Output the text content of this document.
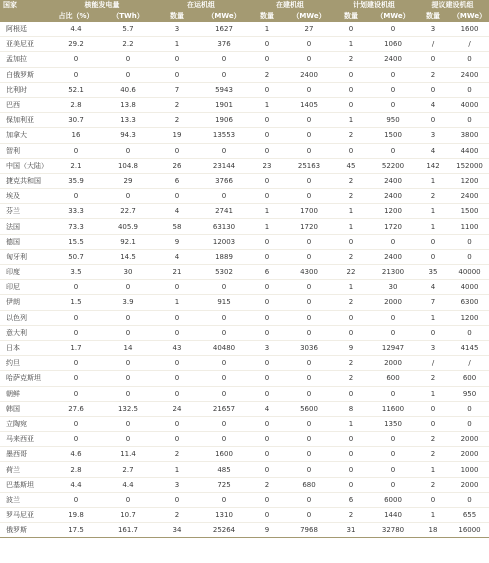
国家	核能发电量		在运机组		在建机组		计划建设机组		提议建设机组	
	占比（%）	（TWh）	数量	（MWe）	数量	（MWe）	数量	（MWe）	数量	（MWe）
阿根廷	4.4	5.7	3	1627	1	27	0	0	3	1600
亚美尼亚	29.2	2.2	1	376	0	0	1	1060	/	/
孟加拉	0	0	0	0	0	0	2	2400	0	0
白俄罗斯	0	0	0	0	2	2400	0	0	2	2400
比利时	52.1	40.6	7	5943	0	0	0	0	0	0
巴西	2.8	13.8	2	1901	1	1405	0	0	4	4000
保加利亚	30.7	13.3	2	1906	0	0	1	950	0	0
加拿大	16	94.3	19	13553	0	0	2	1500	3	3800
智利	0	0	0	0	0	0	0	0	4	4400
中国（大陆）	2.1	104.8	26	23144	23	25163	45	52200	142	152000
捷克共和国	35.9	29	6	3766	0	0	2	2400	1	1200
埃及	0	0	0	0	0	0	2	2400	2	2400
芬兰	33.3	22.7	4	2741	1	1700	1	1200	1	1500
法国	73.3	405.9	58	63130	1	1720	1	1720	1	1100
德国	15.5	92.1	9	12003	0	0	0	0	0	0
匈牙利	50.7	14.5	4	1889	0	0	2	2400	0	0
印度	3.5	30	21	5302	6	4300	22	21300	35	40000
印尼	0	0	0	0	0	0	1	30	4	4000
伊朗	1.5	3.9	1	915	0	0	2	2000	7	6300
以色列	0	0	0	0	0	0	0	0	1	1200
意大利	0	0	0	0	0	0	0	0	0	0
日本	1.7	14	43	40480	3	3036	9	12947	3	4145
约旦	0	0	0	0	0	0	2	2000	/	/
哈萨克斯坦	0	0	0	0	0	0	2	600	2	600
朝鲜	0	0	0	0	0	0	0	0	1	950
韩国	27.6	132.5	24	21657	4	5600	8	11600	0	0
立陶宛	0	0	0	0	0	0	1	1350	0	0
马来西亚	0	0	0	0	0	0	0	0	2	2000
墨西哥	4.6	11.4	2	1600	0	0	0	0	2	2000
荷兰	2.8	2.7	1	485	0	0	0	0	1	1000
巴基斯坦	4.4	4.4	3	725	2	680	0	0	2	2000
波兰	0	0	0	0	0	0	6	6000	0	0
罗马尼亚	19.8	10.7	2	1310	0	0	2	1440	1	655
俄罗斯	17.5	161.7	34	25264	9	7968	31	32780	18	16000
